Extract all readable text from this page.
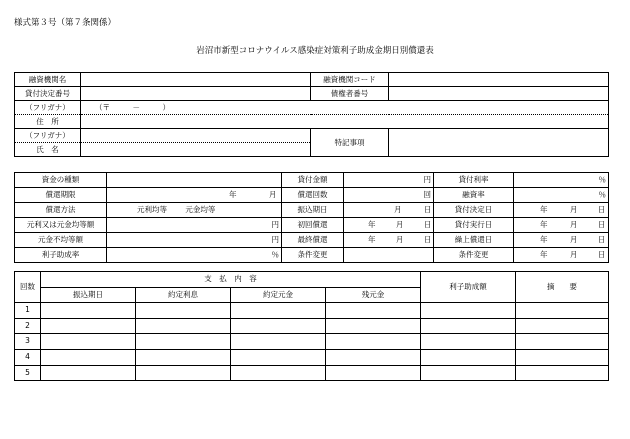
様式第３号（第７条関係）
岩沼市新型コロナウイルス感染症対策利子助成金期日別償還表
融資機関名		融資機関コード	
貸付決定番号		債権者番号	
（フリガナ）	（〒　　　－　　　）		
住　所			
（フリガナ）		特記事項	
氏　名			
資金の種類		貸付金額	円	貸付利率	％
償還期限	年 月	償還回数	回	融資率	％
償還方法	元利均等 元金均等	振込期日	月 日	貸付決定日	年 月 日
元利又は元金均等額	円	初回償還	年 月 日	貸付実行日	年 月 日
元金不均等額	円	最終償還	年 月 日	繰上償還日	年 月 日
利子助成率	％	条件変更		条件変更	年 月 日
回数	支　払　内　容				利子助成額	摘　　要
	振込期日	約定利息	約定元金	残元金		
1						
2						
3						
4						
5						
